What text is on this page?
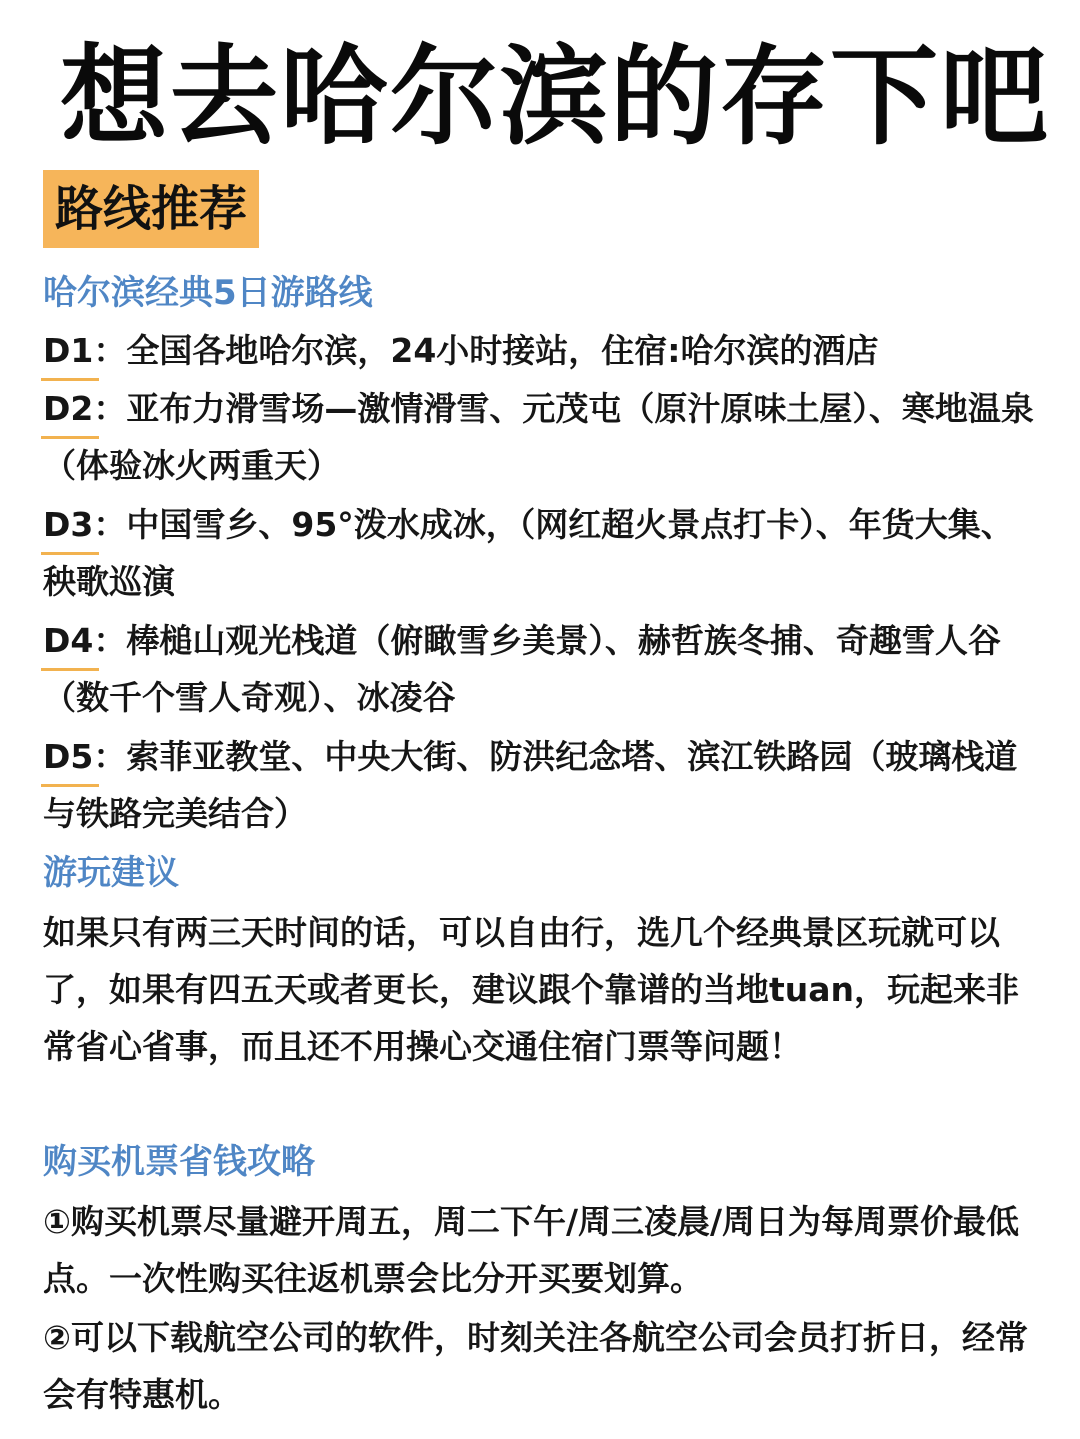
想去哈尔滨的存下吧
路线推荐
哈尔滨经典5日游路线
D1：全国各地哈尔滨，24小时接站，住宿:哈尔滨的酒店
D2：亚布力滑雪场—激情滑雪、元茂屯（原汁原味土屋）、寒地温泉（体验冰火两重天）
D3：中国雪乡、95°泼水成冰，（网红超火景点打卡）、年货大集、秧歌巡演
D4：棒槌山观光栈道（俯瞰雪乡美景）、赫哲族冬捕、奇趣雪人谷（数千个雪人奇观）、冰凌谷
D5：索菲亚教堂、中央大街、防洪纪念塔、滨江铁路园（玻璃栈道与铁路完美结合）
游玩建议
如果只有两三天时间的话，可以自由行，选几个经典景区玩就可以了，如果有四五天或者更长，建议跟个靠谱的当地tuan，玩起来非常省心省事，而且还不用操心交通住宿门票等问题！
购买机票省钱攻略
①购买机票尽量避开周五，周二下午/周三凌晨/周日为每周票价最低点。一次性购买往返机票会比分开买要划算。
②可以下载航空公司的软件，时刻关注各航空公司会员打折日，经常会有特惠机。
